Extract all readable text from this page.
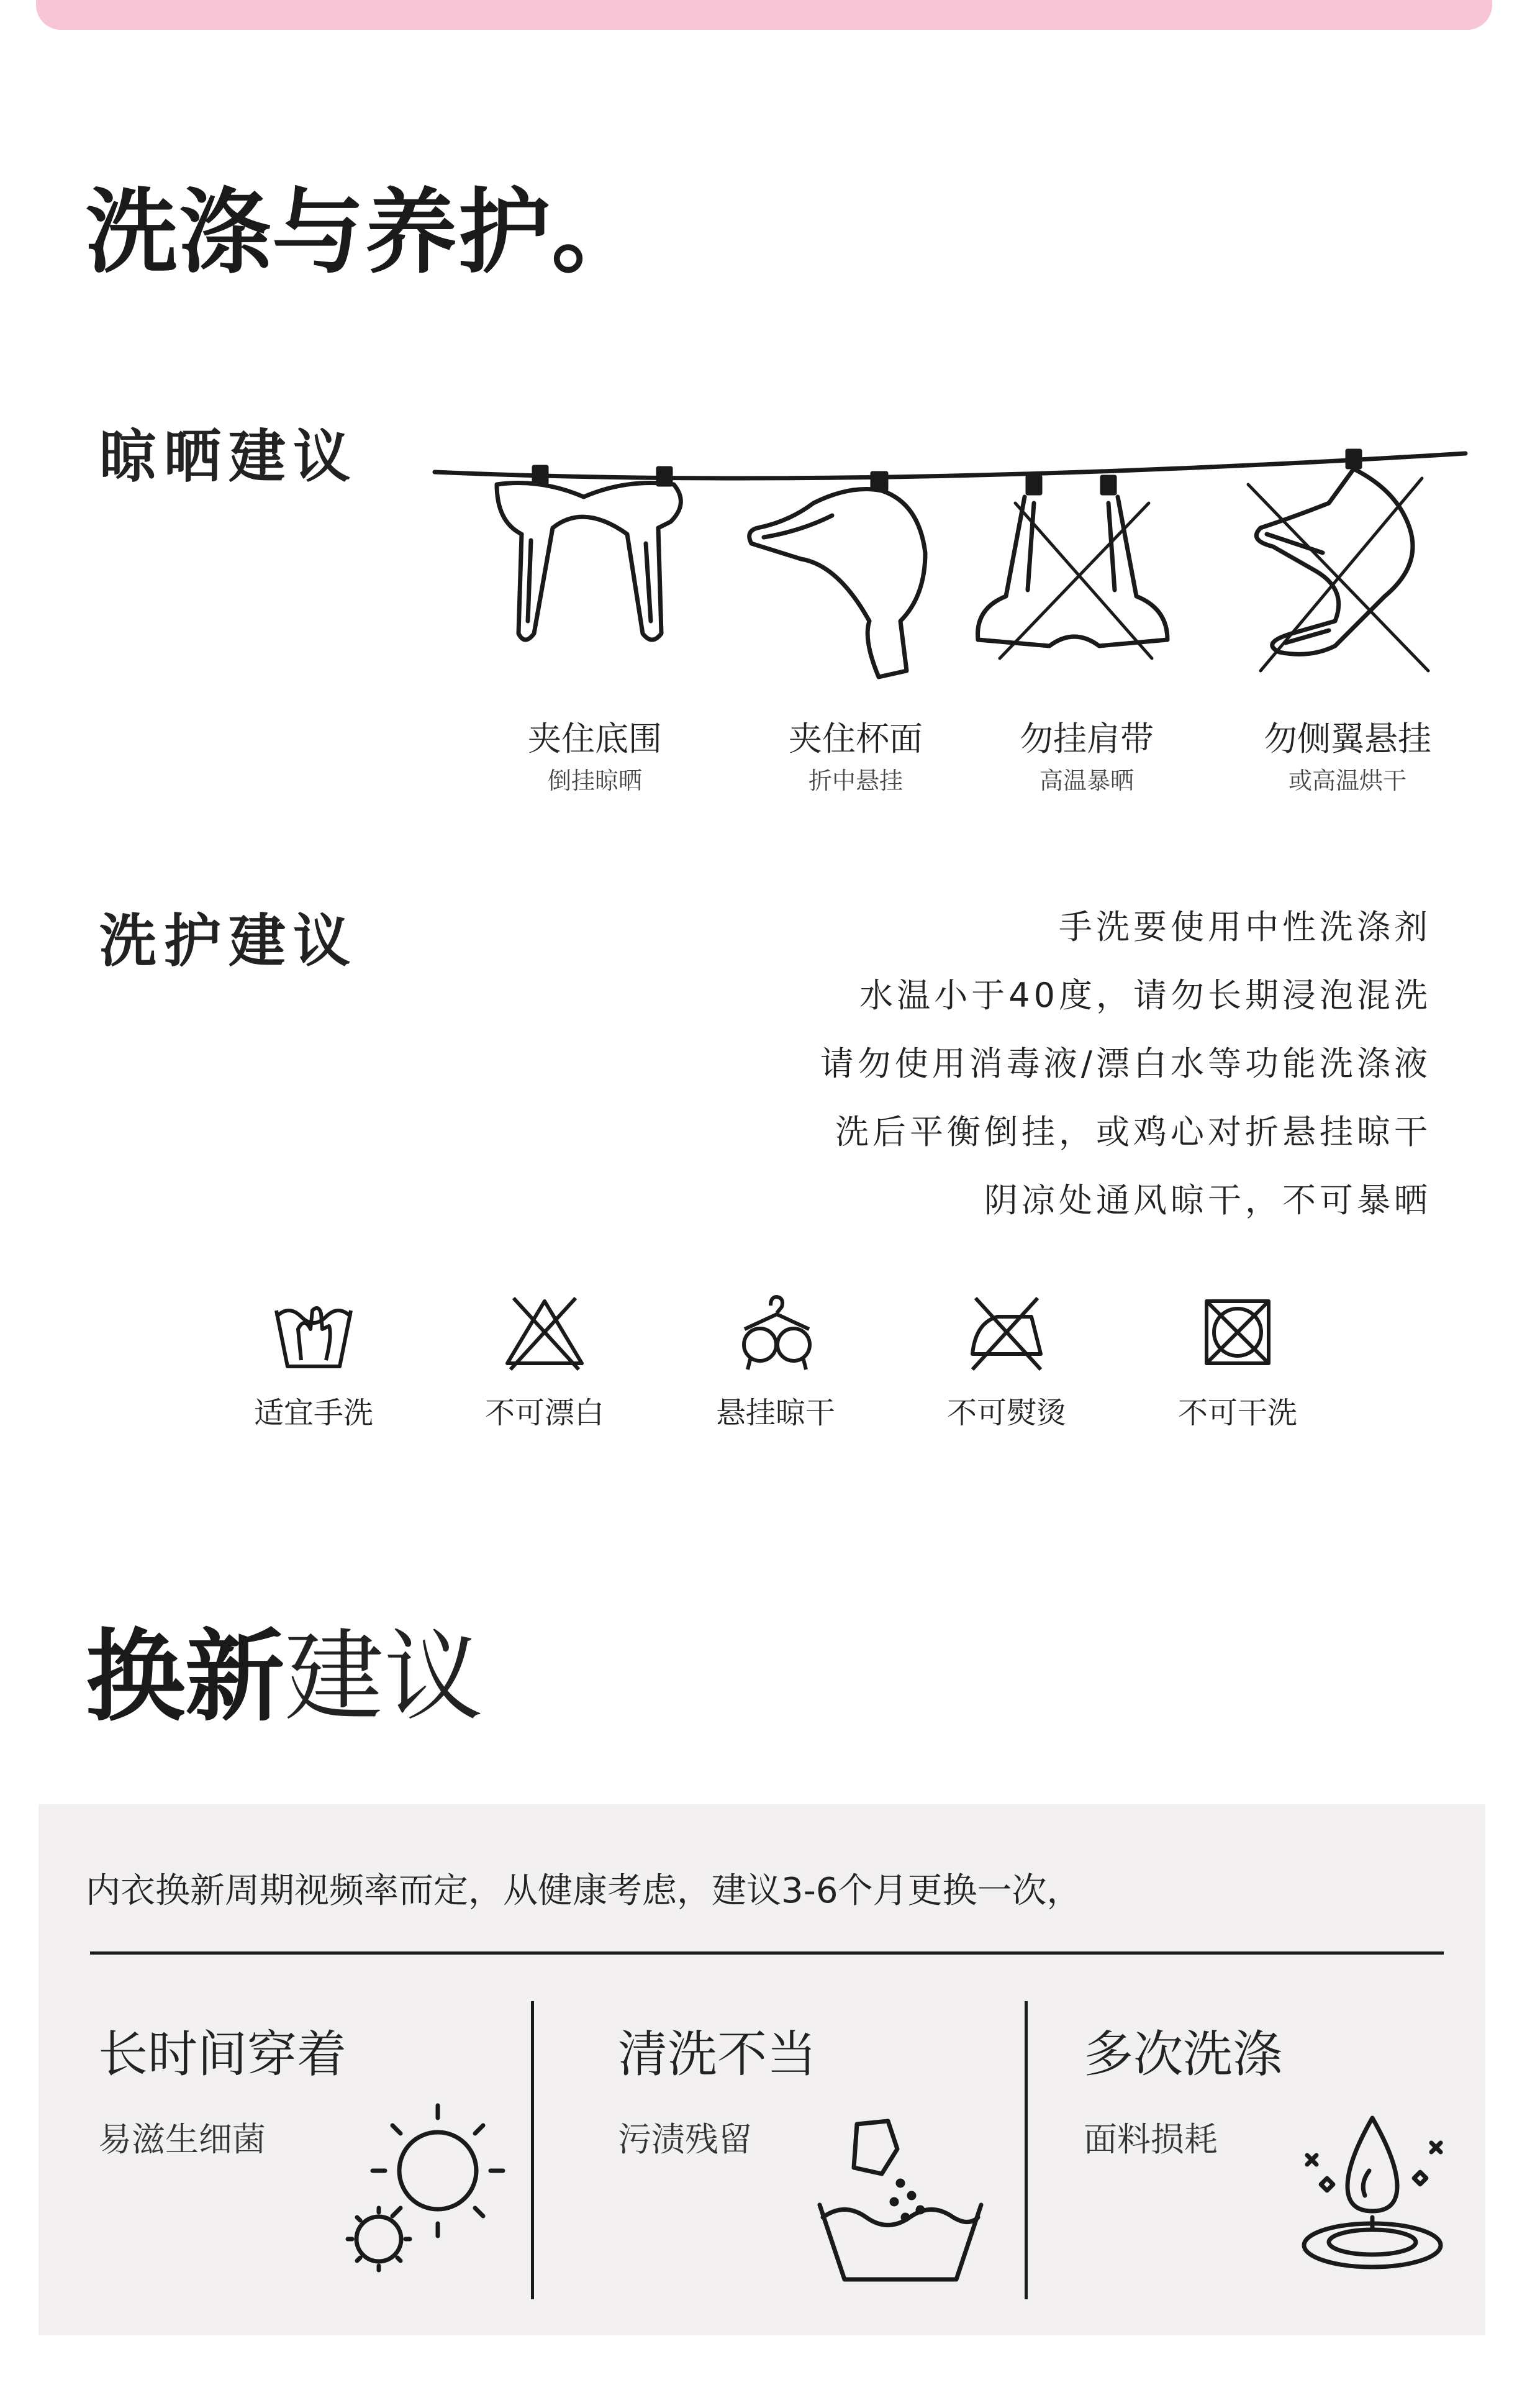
洗涤与养护。
晾晒建议
夹住底围
倒挂晾晒
夹住杯面
折中悬挂
勿挂肩带
高温暴晒
勿侧翼悬挂
或高温烘干
洗护建议	手洗要使用中性洗涤剂
水温小于40度，请勿长期浸泡混洗
请勿使用消毒液/漂白水等功能洗涤液
洗后平衡倒挂，或鸡心对折悬挂晾干
阴凉处通风晾干，不可暴晒
适宜手洗	不可漂白	悬挂晾干	不可熨烫	不可干洗
换新建议
内衣换新周期视频率而定，从健康考虑，建议3-6个月更换一次，
长时间穿着
易滋生细菌
清洗不当
污渍残留
多次洗涤
面料损耗
